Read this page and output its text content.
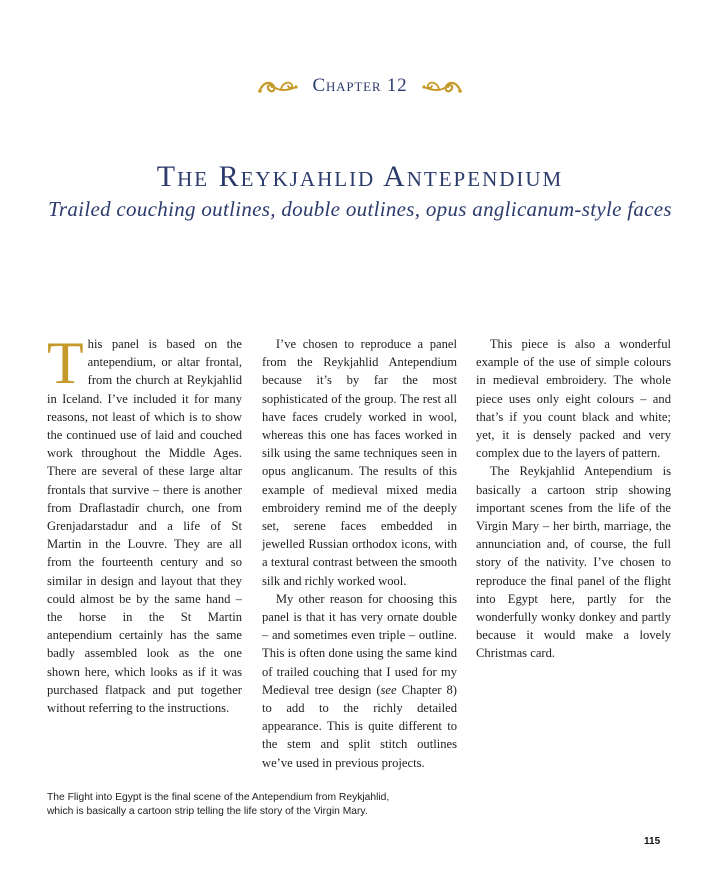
Chapter 12
The Reykjahlid Antependium
Trailed couching outlines, double outlines, opus anglicanum-style faces

This panel is based on the antependium, or altar frontal, from the church at Reykjahlid in Iceland. I’ve included it for many reasons, not least of which is to show the continued use of laid and couched work throughout the Middle Ages. There are several of these large altar frontals that survive – there is another from Draflastadir church, one from Grenjadarstadur and a life of St Martin in the Louvre. They are all from the fourteenth century and so similar in design and layout that they could almost be by the same hand – the horse in the St Martin antependium certainly has the same badly assembled look as the one shown here, which looks as if it was purchased flatpack and put together without referring to the instructions.

I’ve chosen to reproduce a panel from the Reykjahlid Antependium because it’s by far the most sophisticated of the group. The rest all have faces crudely worked in wool, whereas this one has faces worked in silk using the same techniques seen in opus anglicanum. The results of this example of medieval mixed media embroidery remind me of the deeply set, serene faces embedded in jewelled Russian orthodox icons, with a textural contrast between the smooth silk and richly worked wool.

My other reason for choosing this panel is that it has very ornate double – and sometimes even triple – outline. This is often done using the same kind of trailed couching that I used for my Medieval tree design (see Chapter 8) to add to the richly detailed appearance. This is quite different to the stem and split stitch outlines we’ve used in previous projects.

This piece is also a wonderful example of the use of simple colours in medieval embroidery. The whole piece uses only eight colours – and that’s if you count black and white; yet, it is densely packed and very complex due to the layers of pattern.

The Reykjahlid Antependium is basically a cartoon strip showing important scenes from the life of the Virgin Mary – her birth, marriage, the annunciation and, of course, the full story of the nativity. I’ve chosen to reproduce the final panel of the flight into Egypt here, partly for the wonderfully wonky donkey and partly because it would make a lovely Christmas card.

The Flight into Egypt is the final scene of the Antependium from Reykjahlid, which is basically a cartoon strip telling the life story of the Virgin Mary.
115
